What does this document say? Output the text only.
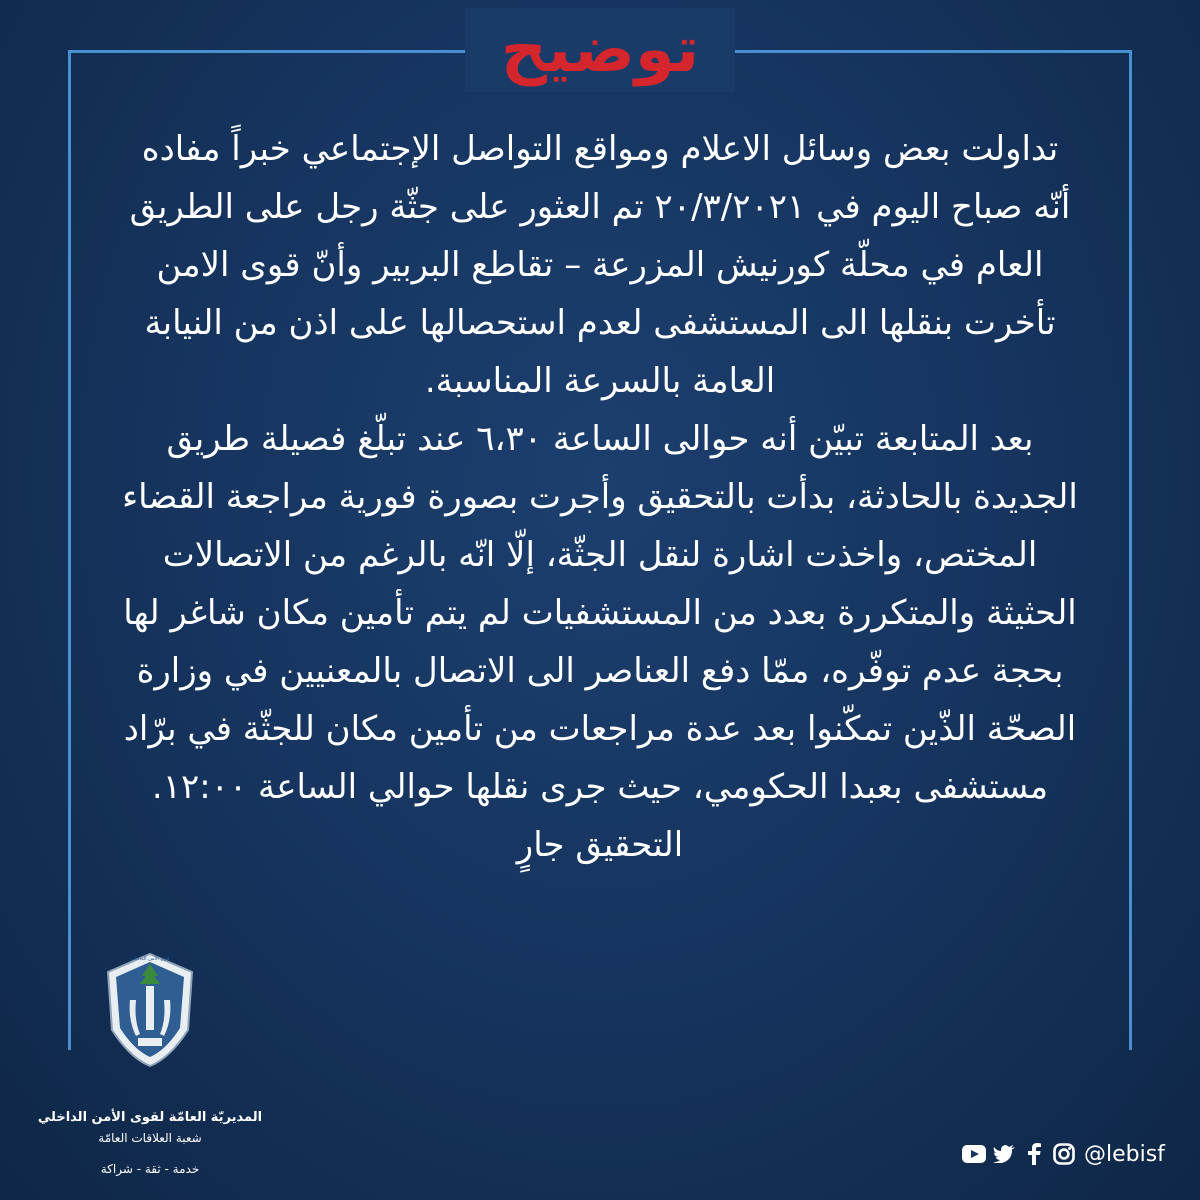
توضيح

تداولت بعض وسائل الاعلام ومواقع التواصل الإجتماعي خبراً مفاده أنّه صباح اليوم في ٢٠/٣/٢٠٢١ تم العثور على جثّة رجل على الطريق العام في محلّة كورنيش المزرعة – تقاطع البربير وأنّ قوى الامن تأخرت بنقلها الى المستشفى لعدم استحصالها على اذن من النيابة العامة بالسرعة المناسبة.

بعد المتابعة تبيّن أنه حوالى الساعة ٦،٣٠ عند تبلّغ فصيلة طريق الجديدة بالحادثة، بدأت بالتحقيق وأجرت بصورة فورية مراجعة القضاء المختص، واخذت اشارة لنقل الجثّة، إلّا انّه بالرغم من الاتصالات الحثيثة والمتكررة بعدد من المستشفيات لم يتم تأمين مكان شاغر لها بحجة عدم توفّره، ممّا دفع العناصر الى الاتصال بالمعنيين في وزارة الصحّة الذّين تمكّنوا بعد عدة مراجعات من تأمين مكان للجثّة في برّاد مستشفى بعبدا الحكومي، حيث جرى نقلها حوالي الساعة ١٢:٠٠. التحقيق جارٍ

قوى الأمن الداخلي
المديريّة العامّة لقوى الأمن الداخلي
شعبة العلاقات العامّة
خدمة - ثقة - شراكة
@lebisf
